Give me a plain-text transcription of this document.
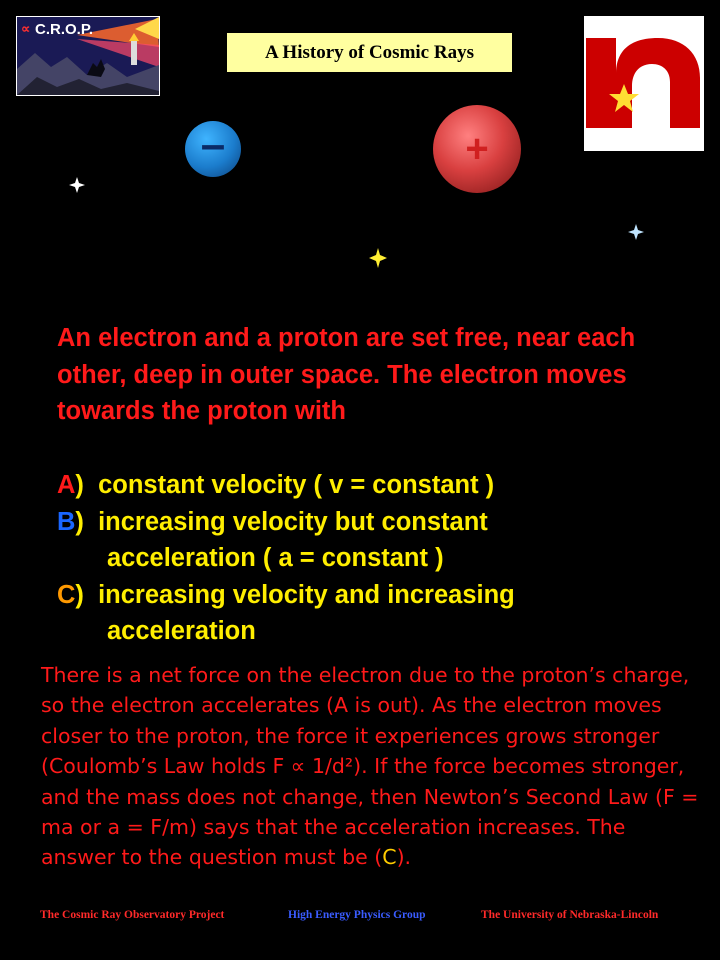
∝ C.R.O.P.
A History of Cosmic Rays
–	+
An electron and a proton are set free, near each other, deep in outer space. The electron moves towards the proton with
A) constant velocity ( v = constant )
B) increasing velocity but constant
acceleration ( a = constant )
C) increasing velocity and increasing
acceleration
There is a net force on the electron due to the proton’s charge, so the electron accelerates (A is out). As the electron moves closer to the proton, the force it experiences grows stronger (Coulomb’s Law holds F ∝ 1/d²). If the force becomes stronger, and the mass does not change, then Newton’s Second Law (F = ma or a = F/m) says that the acceleration increases. The answer to the question must be (C).
The Cosmic Ray Observatory Project	High Energy Physics Group	The University of Nebraska-Lincoln
